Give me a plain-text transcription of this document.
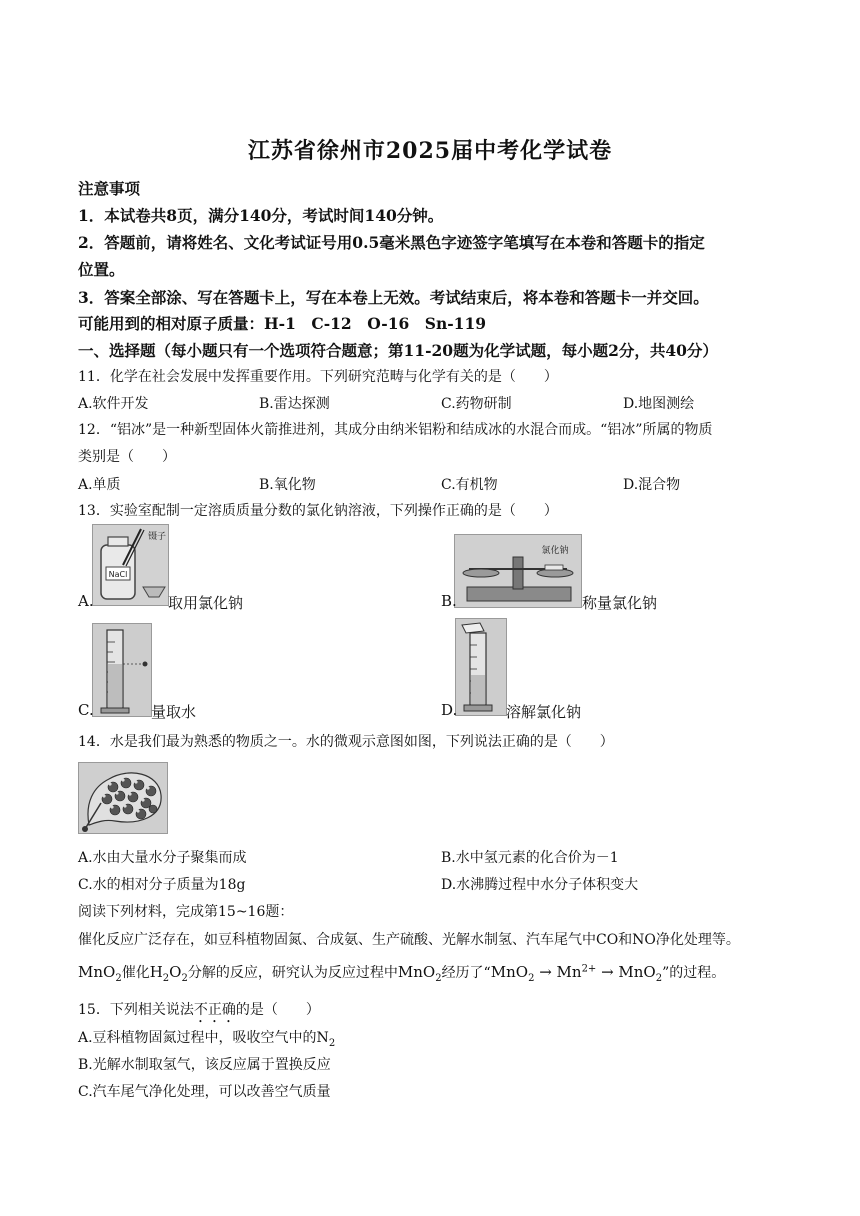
江苏省徐州市2025届中考化学试卷
注意事项
1．本试卷共8页，满分140分，考试时间140分钟。
2．答题前，请将姓名、文化考试证号用0.5毫米黑色字迹签字笔填写在本卷和答题卡的指定
位置。
3．答案全部涂、写在答题卡上，写在本卷上无效。考试结束后，将本卷和答题卡一并交回。
可能用到的相对原子质量：H-1　C-12　O-16　Sn-119
一、选择题（每小题只有一个选项符合题意；第11-20题为化学试题，每小题2分，共40分）
11．化学在社会发展中发挥重要作用。下列研究范畴与化学有关的是（　　）
A.软件开发	B.雷达探测	C.药物研制	D.地图测绘
12．“铝冰”是一种新型固体火箭推进剂，其成分由纳米铝粉和结成冰的水混合而成。“铝冰”所属的物质
类别是（　　）
A.单质	B.氧化物	C.有机物	D.混合物
13．实验室配制一定溶质质量分数的氯化钠溶液，下列操作正确的是（　　）
NaCl
镊子
A.	取用氯化钠
氯化钠
B.	称量氯化钠
C.	量取水	D.	溶解氯化钠
14．水是我们最为熟悉的物质之一。水的微观示意图如图，下列说法正确的是（　　）
A.水由大量水分子聚集而成	B.水中氢元素的化合价为－1
C.水的相对分子质量为18g	D.水沸腾过程中水分子体积变大
阅读下列材料，完成第15~16题：
催化反应广泛存在，如豆科植物固氮、合成氨、生产硫酸、光解水制氢、汽车尾气中CO和NO净化处理等。
MnO$_2$催化$H_2O_2$分解的反应，研究认为反应过程中MnO$_2$经历了“$MnO_2 \to Mn^{2+} \to MnO_2$”的过程。
15．下列相关说法不正确的是（　　）
A.豆科植物固氮过程中，吸收空气中的$N_2$
B.光解水制取氢气，该反应属于置换反应
C.汽车尾气净化处理，可以改善空气质量
